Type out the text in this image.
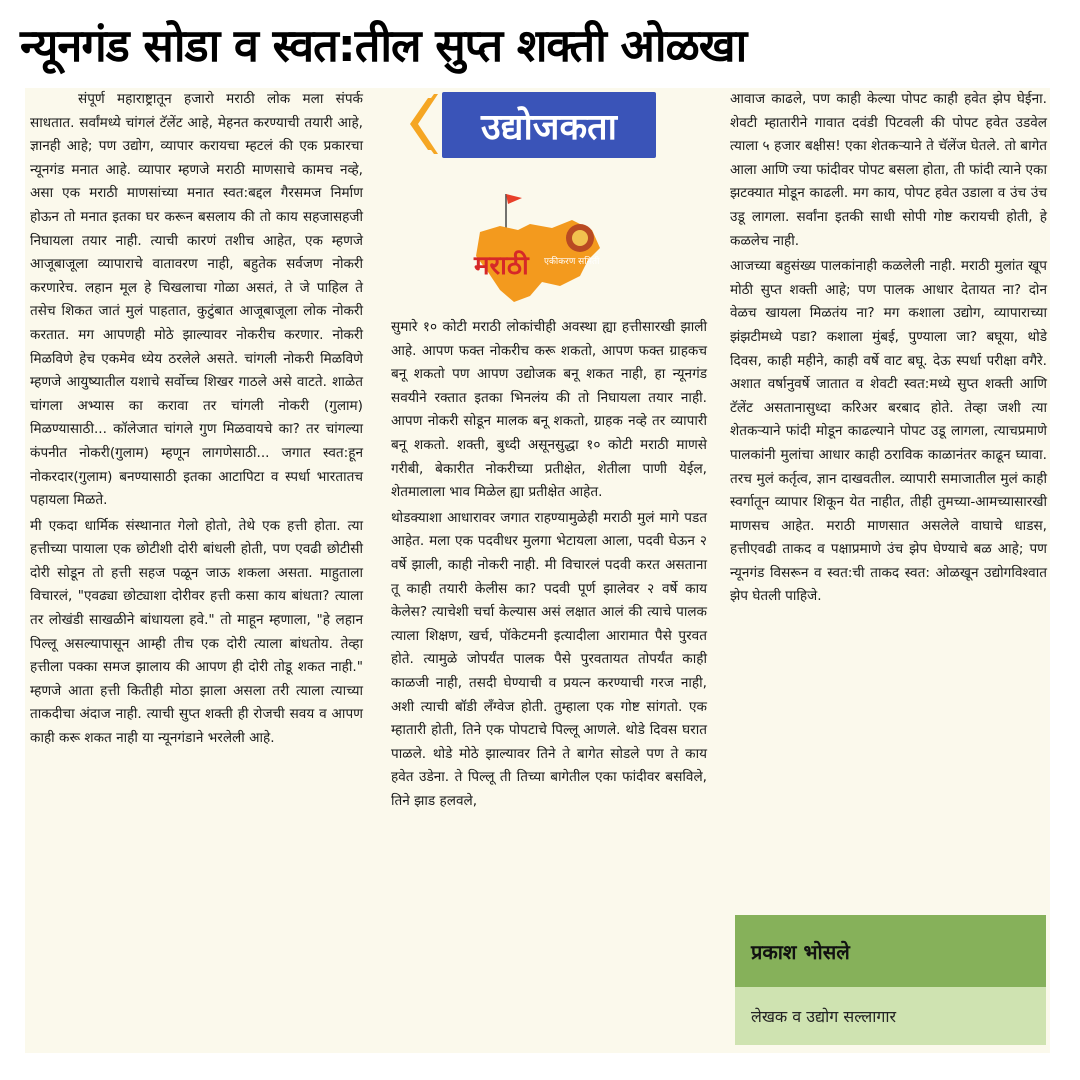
न्यूनगंड सोडा व स्वत:तील सुप्त शक्ती ओळखा

संपूर्ण महाराष्ट्रातून हजारो मराठी लोक मला संपर्क साधतात. सर्वांमध्ये चांगलं टॅलेंट आहे, मेहनत करण्याची तयारी आहे, ज्ञानही आहे; पण उद्योग, व्यापार करायचा म्हटलं की एक प्रकारचा न्यूनगंड मनात आहे. व्यापार म्हणजे मराठी माणसाचे कामच नव्हे, असा एक मराठी माणसांच्या मनात स्वत:बद्दल गैरसमज निर्माण होऊन तो मनात इतका घर करून बसलाय की तो काय सहजासहजी निघायला तयार नाही. त्याची कारणं तशीच आहेत, एक म्हणजे आजूबाजूला व्यापाराचे वातावरण नाही, बहुतेक सर्वजण नोकरी करणारेच. लहान मूल हे चिखलाचा गोळा असतं, ते जे पाहिल ते तसेच शिकत जातं मुलं पाहतात, कुटुंबात आजूबाजूला लोक नोकरी करतात. मग आपणही मोठे झाल्यावर नोकरीच करणार. नोकरी मिळविणे हेच एकमेव ध्येय ठरलेले असते. चांगली नोकरी मिळविणे म्हणजे आयुष्यातील यशाचे सर्वोच्च शिखर गाठले असे वाटते. शाळेत चांगला अभ्यास का करावा तर चांगली नोकरी (गुलाम) मिळण्यासाठी... कॉलेजात चांगले गुण मिळवायचे का? तर चांगल्या कंपनीत नोकरी(गुलाम) म्हणून लागणेसाठी... जगात स्वत:हून नोकरदार(गुलाम) बनण्यासाठी इतका आटापिटा व स्पर्धा भारतातच पहायला मिळते.

मी एकदा धार्मिक संस्थानात गेलो होतो, तेथे एक हत्ती होता. त्या हत्तीच्या पायाला एक छोटीशी दोरी बांधली होती, पण एवढी छोटीसी दोरी सोडून तो हत्ती सहज पळून जाऊ शकला असता. माहुताला विचारलं, "एवढ्या छोट्याशा दोरीवर हत्ती कसा काय बांधता? त्याला तर लोखंडी साखळीने बांधायला हवे." तो माहून म्हणाला, "हे लहान पिल्लू असल्यापासून आम्ही तीच एक दोरी त्याला बांधतोय. तेव्हा हत्तीला पक्का समज झालाय की आपण ही दोरी तोडू शकत नाही." म्हणजे आता हत्ती कितीही मोठा झाला असला तरी त्याला त्याच्या ताकदीचा अंदाज नाही. त्याची सुप्त शक्ती ही रोजची सवय व आपण काही करू शकत नाही या न्यूनगंडाने भरलेली आहे.

उद्योजकता
मराठी एकीकरण समिती

सुमारे १० कोटी मराठी लोकांचीही अवस्था ह्या हत्तीसारखी झाली आहे. आपण फक्त नोकरीच करू शकतो, आपण फक्त ग्राहकच बनू शकतो पण आपण उद्योजक बनू शकत नाही, हा न्यूनगंड सवयीने रक्तात इतका भिनलंय की तो निघायला तयार नाही. आपण नोकरी सोडून मालक बनू शकतो, ग्राहक नव्हे तर व्यापारी बनू शकतो. शक्ती, बुध्दी असूनसुद्धा १० कोटी मराठी माणसे गरीबी, बेकारीत नोकरीच्या प्रतीक्षेत, शेतीला पाणी येईल, शेतमालाला भाव मिळेल ह्या प्रतीक्षेत आहेत.

थोडक्याशा आधारावर जगात राहण्यामुळेही मराठी मुलं मागे पडत आहेत. मला एक पदवीधर मुलगा भेटायला आला, पदवी घेऊन २ वर्षे झाली, काही नोकरी नाही. मी विचारलं पदवी करत असताना तू काही तयारी केलीस का? पदवी पूर्ण झालेवर २ वर्षे काय केलेस? त्याचेशी चर्चा केल्यास असं लक्षात आलं की त्याचे पालक त्याला शिक्षण, खर्च, पॉकेटमनी इत्यादीला आरामात पैसे पुरवत होते. त्यामुळे जोपर्यंत पालक पैसे पुरवतायत तोपर्यंत काही काळजी नाही, तसदी घेण्याची व प्रयत्न करण्याची गरज नाही, अशी त्याची बॉडी लँग्वेज होती. तुम्हाला एक गोष्ट सांगतो. एक म्हातारी होती, तिने एक पोपटाचे पिल्लू आणले. थोडे दिवस घरात पाळले. थोडे मोठे झाल्यावर तिने ते बागेत सोडले पण ते काय हवेत उडेना. ते पिल्लू ती तिच्या बागेतील एका फांदीवर बसविले, तिने झाड हलवले,

आवाज काढले, पण काही केल्या पोपट काही हवेत झेप घेईना. शेवटी म्हातारीने गावात दवंडी पिटवली की पोपट हवेत उडवेल त्याला ५ हजार बक्षीस! एका शेतकऱ्याने ते चॅलेंज घेतले. तो बागेत आला आणि ज्या फांदीवर पोपट बसला होता, ती फांदी त्याने एका झटक्यात मोडून काढली. मग काय, पोपट हवेत उडाला व उंच उंच उडू लागला. सर्वांना इतकी साधी सोपी गोष्ट करायची होती, हे कळलेच नाही.

आजच्या बहुसंख्य पालकांनाही कळलेली नाही. मराठी मुलांत खूप मोठी सुप्त शक्ती आहे; पण पालक आधार देतायत ना? दोन वेळच खायला मिळतंय ना? मग कशाला उद्योग, व्यापाराच्या झंझटीमध्ये पडा? कशाला मुंबई, पुण्याला जा? बघूया, थोडे दिवस, काही महीने, काही वर्षे वाट बघू. देऊ स्पर्धा परीक्षा वगैरे. अशात वर्षानुवर्षे जातात व शेवटी स्वत:मध्ये सुप्त शक्ती आणि टॅलेंट असतानासुध्दा करिअर बरबाद होते. तेव्हा जशी त्या शेतकऱ्याने फांदी मोडून काढल्याने पोपट उडू लागला, त्याचप्रमाणे पालकांनी मुलांचा आधार काही ठराविक काळानंतर काढून घ्यावा. तरच मुलं कर्तृत्व, ज्ञान दाखवतील. व्यापारी समाजातील मुलं काही स्वर्गातून व्यापार शिकून येत नाहीत, तीही तुमच्या-आमच्यासारखी माणसच आहेत. मराठी माणसात असलेले वाघाचे धाडस, हत्तीएवढी ताकद व पक्षाप्रमाणे उंच झेप घेण्याचे बळ आहे; पण न्यूनगंड विसरून व स्वत:ची ताकद स्वत: ओळखून उद्योगविश्वात झेप घेतली पाहिजे.

प्रकाश भोसले
लेखक व उद्योग सल्लागार
